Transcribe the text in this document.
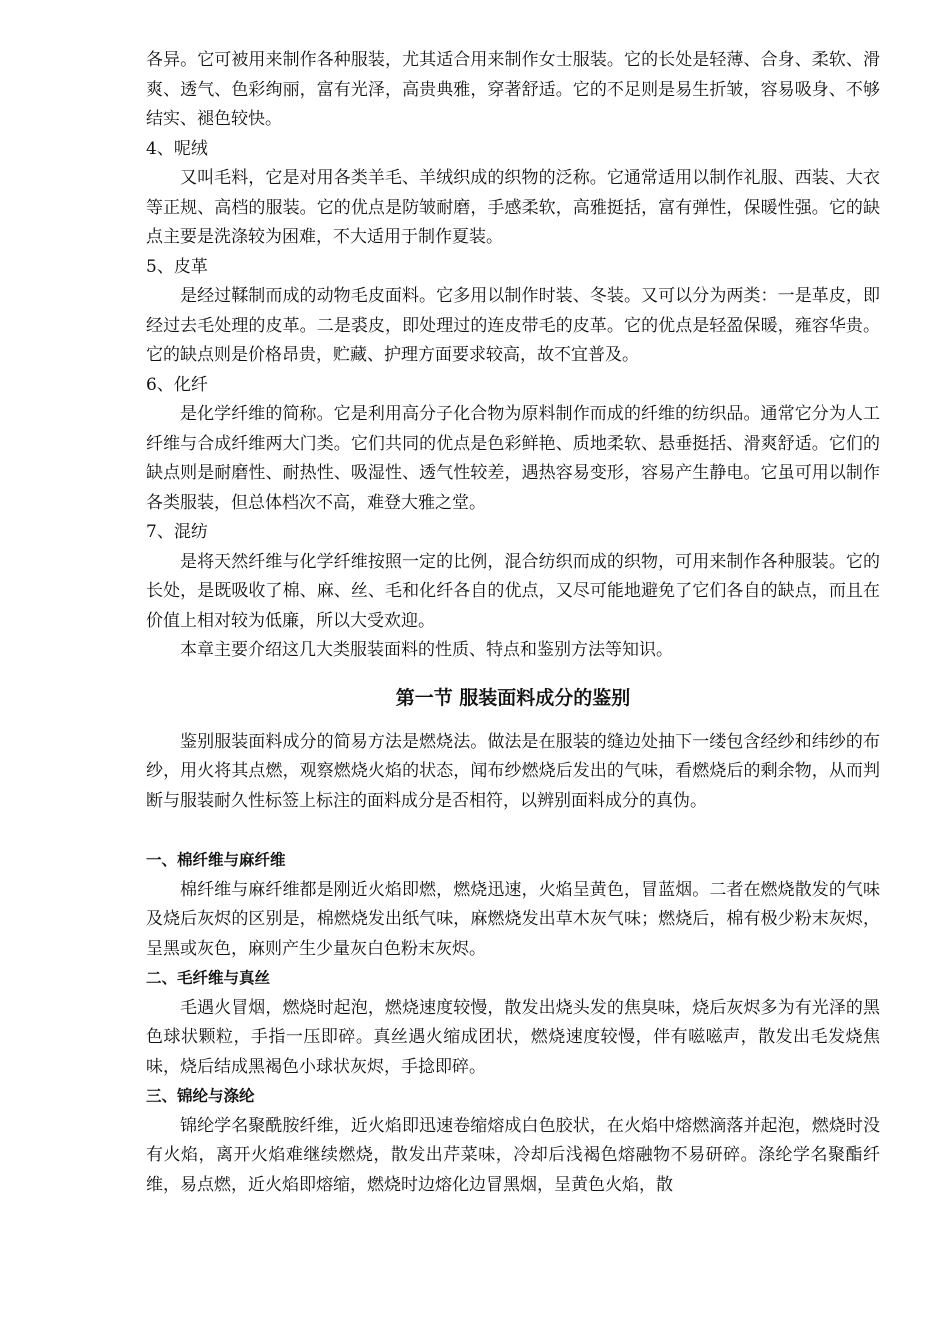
各异。它可被用来制作各种服装，尤其适合用来制作女士服装。它的长处是轻薄、合身、柔软、滑爽、透气、色彩绚丽，富有光泽，高贵典雅，穿著舒适。它的不足则是易生折皱，容易吸身、不够结实、褪色较快。

4、呢绒

又叫毛料，它是对用各类羊毛、羊绒织成的织物的泛称。它通常适用以制作礼服、西装、大衣等正规、高档的服装。它的优点是防皱耐磨，手感柔软，高雅挺括，富有弹性，保暖性强。它的缺点主要是洗涤较为困难，不大适用于制作夏装。

5、皮革

是经过鞣制而成的动物毛皮面料。它多用以制作时装、冬装。又可以分为两类：一是革皮，即经过去毛处理的皮革。二是裘皮，即处理过的连皮带毛的皮革。它的优点是轻盈保暖，雍容华贵。它的缺点则是价格昂贵，贮藏、护理方面要求较高，故不宜普及。

6、化纤

是化学纤维的简称。它是利用高分子化合物为原料制作而成的纤维的纺织品。通常它分为人工纤维与合成纤维两大门类。它们共同的优点是色彩鲜艳、质地柔软、悬垂挺括、滑爽舒适。它们的缺点则是耐磨性、耐热性、吸湿性、透气性较差，遇热容易变形，容易产生静电。它虽可用以制作各类服装，但总体档次不高，难登大雅之堂。

7、混纺

是将天然纤维与化学纤维按照一定的比例，混合纺织而成的织物，可用来制作各种服装。它的长处，是既吸收了棉、麻、丝、毛和化纤各自的优点，又尽可能地避免了它们各自的缺点，而且在价值上相对较为低廉，所以大受欢迎。

本章主要介绍这几大类服装面料的性质、特点和鉴别方法等知识。

第一节 服装面料成分的鉴别

鉴别服装面料成分的简易方法是燃烧法。做法是在服装的缝边处抽下一缕包含经纱和纬纱的布纱，用火将其点燃，观察燃烧火焰的状态，闻布纱燃烧后发出的气味，看燃烧后的剩余物，从而判断与服装耐久性标签上标注的面料成分是否相符，以辨别面料成分的真伪。

一、棉纤维与麻纤维

棉纤维与麻纤维都是刚近火焰即燃，燃烧迅速，火焰呈黄色，冒蓝烟。二者在燃烧散发的气味及烧后灰烬的区别是，棉燃烧发出纸气味，麻燃烧发出草木灰气味；燃烧后，棉有极少粉末灰烬，呈黑或灰色，麻则产生少量灰白色粉末灰烬。

二、毛纤维与真丝

毛遇火冒烟，燃烧时起泡，燃烧速度较慢，散发出烧头发的焦臭味，烧后灰烬多为有光泽的黑色球状颗粒，手指一压即碎。真丝遇火缩成团状，燃烧速度较慢，伴有嗞嗞声，散发出毛发烧焦味，烧后结成黑褐色小球状灰烬，手捻即碎。

三、锦纶与涤纶

锦纶学名聚酰胺纤维，近火焰即迅速卷缩熔成白色胶状，在火焰中熔燃滴落并起泡，燃烧时没有火焰，离开火焰难继续燃烧，散发出芹菜味，冷却后浅褐色熔融物不易研碎。涤纶学名聚酯纤维，易点燃，近火焰即熔缩，燃烧时边熔化边冒黑烟，呈黄色火焰，散
